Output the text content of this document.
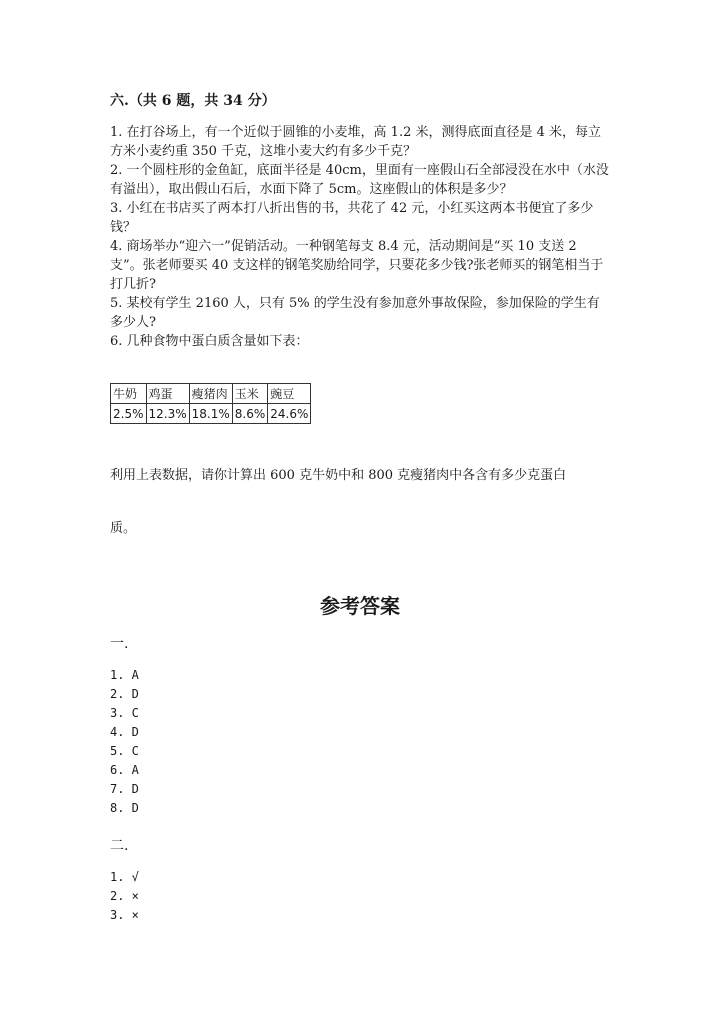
六.（共 6 题，共 34 分）
1. 在打谷场上，有一个近似于圆锥的小麦堆，高 1.2 米，测得底面直径是 4 米，每立方米小麦约重 350 千克，这堆小麦大约有多少千克？
2. 一个圆柱形的金鱼缸，底面半径是 40cm，里面有一座假山石全部浸没在水中（水没有溢出），取出假山石后，水面下降了 5cm。这座假山的体积是多少？
3. 小红在书店买了两本打八折出售的书，共花了 42 元，小红买这两本书便宜了多少钱？
4. 商场举办“迎六一”促销活动。一种钢笔每支 8.4 元，活动期间是“买 10 支送 2 支”。张老师要买 40 支这样的钢笔奖励给同学，只要花多少钱?张老师买的钢笔相当于打几折?
5. 某校有学生 2160 人，只有 5% 的学生没有参加意外事故保险，参加保险的学生有多少人?
6. 几种食物中蛋白质含量如下表：
牛奶	鸡蛋	瘦猪肉	玉米	豌豆
2.5%	12.3%	18.1%	8.6%	24.6%
利用上表数据，请你计算出 600 克牛奶中和 800 克瘦猪肉中各含有多少克蛋白
质。
参考答案
一.
1. A
2. D
3. C
4. D
5. C
6. A
7. D
8. D
二.
1. √
2. ×
3. ×
